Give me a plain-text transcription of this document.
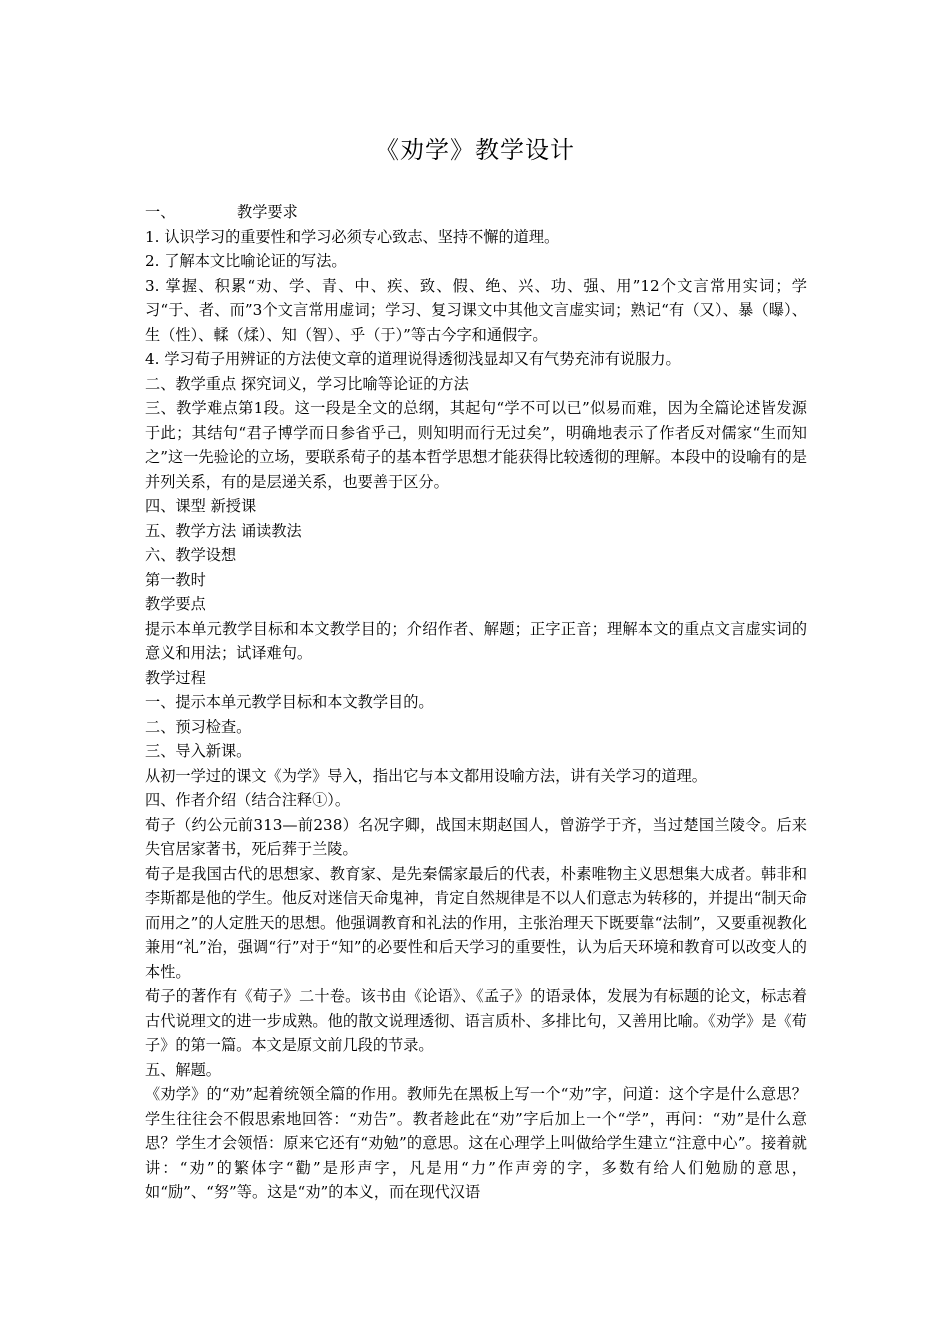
《劝学》教学设计

一、	教学要求

1. 认识学习的重要性和学习必须专心致志、坚持不懈的道理。

2. 了解本文比喻论证的写法。

3. 掌握、积累“劝、学、青、中、疾、致、假、绝、兴、功、强、用”12个文言常用实词；学习“于、者、而”3个文言常用虚词；学习、复习课文中其他文言虚实词；熟记“有（又）、暴（曝）、生（性）、輮（煣）、知（智）、乎（于）”等古今字和通假字。

4. 学习荀子用辨证的方法使文章的道理说得透彻浅显却又有气势充沛有说服力。

二、教学重点 探究词义，学习比喻等论证的方法

三、教学难点第1段。这一段是全文的总纲，其起句“学不可以已”似易而难，因为全篇论述皆发源于此；其结句“君子博学而日参省乎己，则知明而行无过矣”，明确地表示了作者反对儒家“生而知之”这一先验论的立场，要联系荀子的基本哲学思想才能获得比较透彻的理解。本段中的设喻有的是并列关系，有的是层递关系，也要善于区分。

四、课型 新授课

五、教学方法 诵读教法

六、教学设想

第一教时

教学要点

提示本单元教学目标和本文教学目的；介绍作者、解题；正字正音；理解本文的重点文言虚实词的意义和用法；试译难句。

教学过程

一、提示本单元教学目标和本文教学目的。

二、预习检查。

三、导入新课。

从初一学过的课文《为学》导入，指出它与本文都用设喻方法，讲有关学习的道理。

四、作者介绍（结合注释①）。

荀子（约公元前313—前238）名况字卿，战国末期赵国人，曾游学于齐，当过楚国兰陵令。后来失官居家著书，死后葬于兰陵。

荀子是我国古代的思想家、教育家、是先秦儒家最后的代表，朴素唯物主义思想集大成者。韩非和李斯都是他的学生。他反对迷信天命鬼神，肯定自然规律是不以人们意志为转移的，并提出“制天命而用之”的人定胜天的思想。他强调教育和礼法的作用，主张治理天下既要靠“法制”，又要重视教化兼用“礼”治，强调“行”对于“知”的必要性和后天学习的重要性，认为后天环境和教育可以改变人的本性。

荀子的著作有《荀子》二十卷。该书由《论语》、《孟子》的语录体，发展为有标题的论文，标志着古代说理文的进一步成熟。他的散文说理透彻、语言质朴、多排比句，又善用比喻。《劝学》是《荀子》的第一篇。本文是原文前几段的节录。

五、解题。

《劝学》的“劝”起着统领全篇的作用。教师先在黑板上写一个“劝”字，问道：这个字是什么意思？学生往往会不假思索地回答：“劝告”。教者趁此在“劝”字后加上一个“学”，再问：“劝”是什么意思？学生才会领悟：原来它还有“劝勉”的意思。这在心理学上叫做给学生建立“注意中心”。接着就讲：“劝”的繁体字“勸”是形声字，凡是用“力”作声旁的字，多数有给人们勉励的意思，如“励”、“努”等。这是“劝”的本义，而在现代汉语
